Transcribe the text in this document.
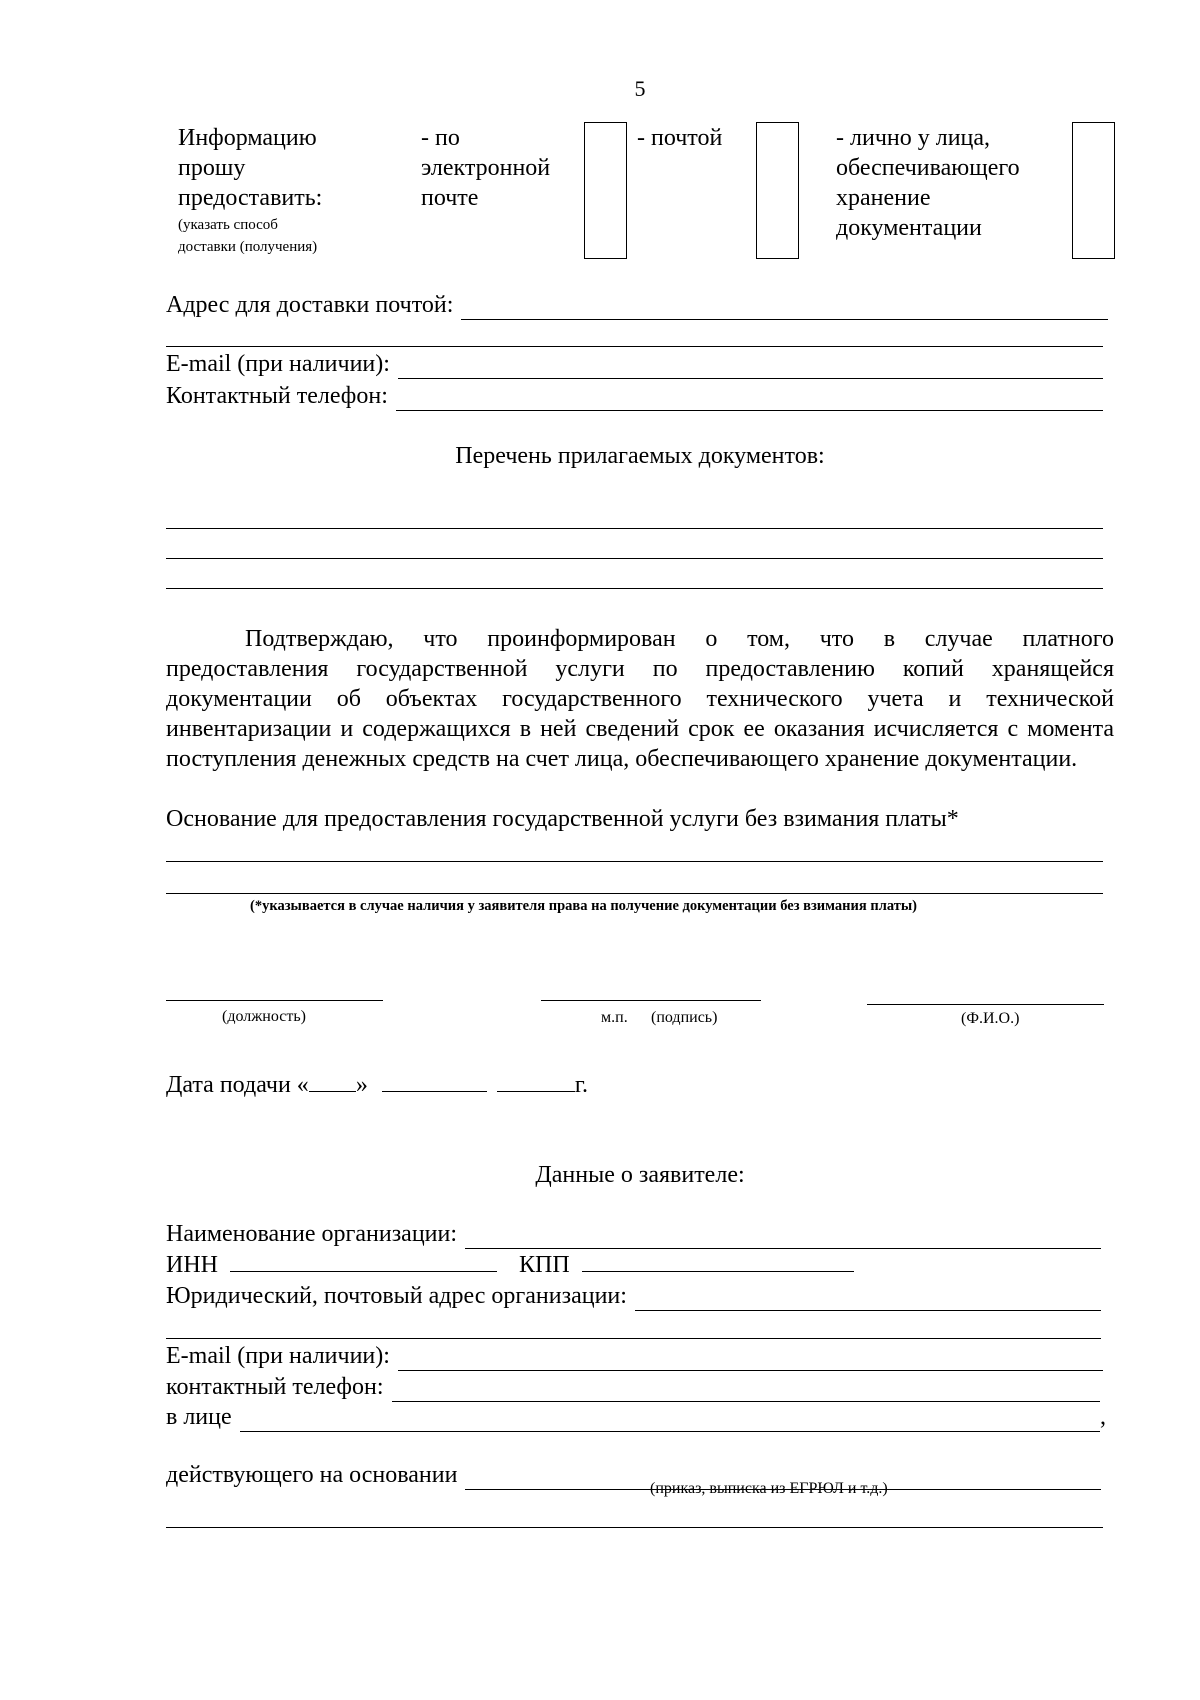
5
Информацию
прошу
предоставить:
(указать способ
доставки (получения)
- по
электронной
почте
- почтой	- лично у лица,
обеспечивающего
хранение
документации
Адрес для доставки почтой:
E-mail (при наличии):
Контактный телефон:
Перечень прилагаемых документов:
Подтверждаю, что проинформирован о том, что в случае платного
предоставления государственной услуги по предоставлению копий хранящейся документации об объектах государственного технического учета и технической инвентаризации и содержащихся в ней сведений срок ее оказания исчисляется с момента поступления денежных средств на счет лица, обеспечивающего хранение документации.
Основание для предоставления государственной услуги без взимания платы*
(*указывается в случае наличия у заявителя права на получение документации без взимания платы)
(должность)	м.п. (подпись)	(Ф.И.О.)
Дата подачи « »	г.
Данные о заявителе:
Наименование организации:
ИНН	КПП
Юридический, почтовый адрес организации:
E-mail (при наличии):
контактный телефон:
в лице	,
действующего на основании
(приказ, выписка из ЕГРЮЛ и т.д.)
